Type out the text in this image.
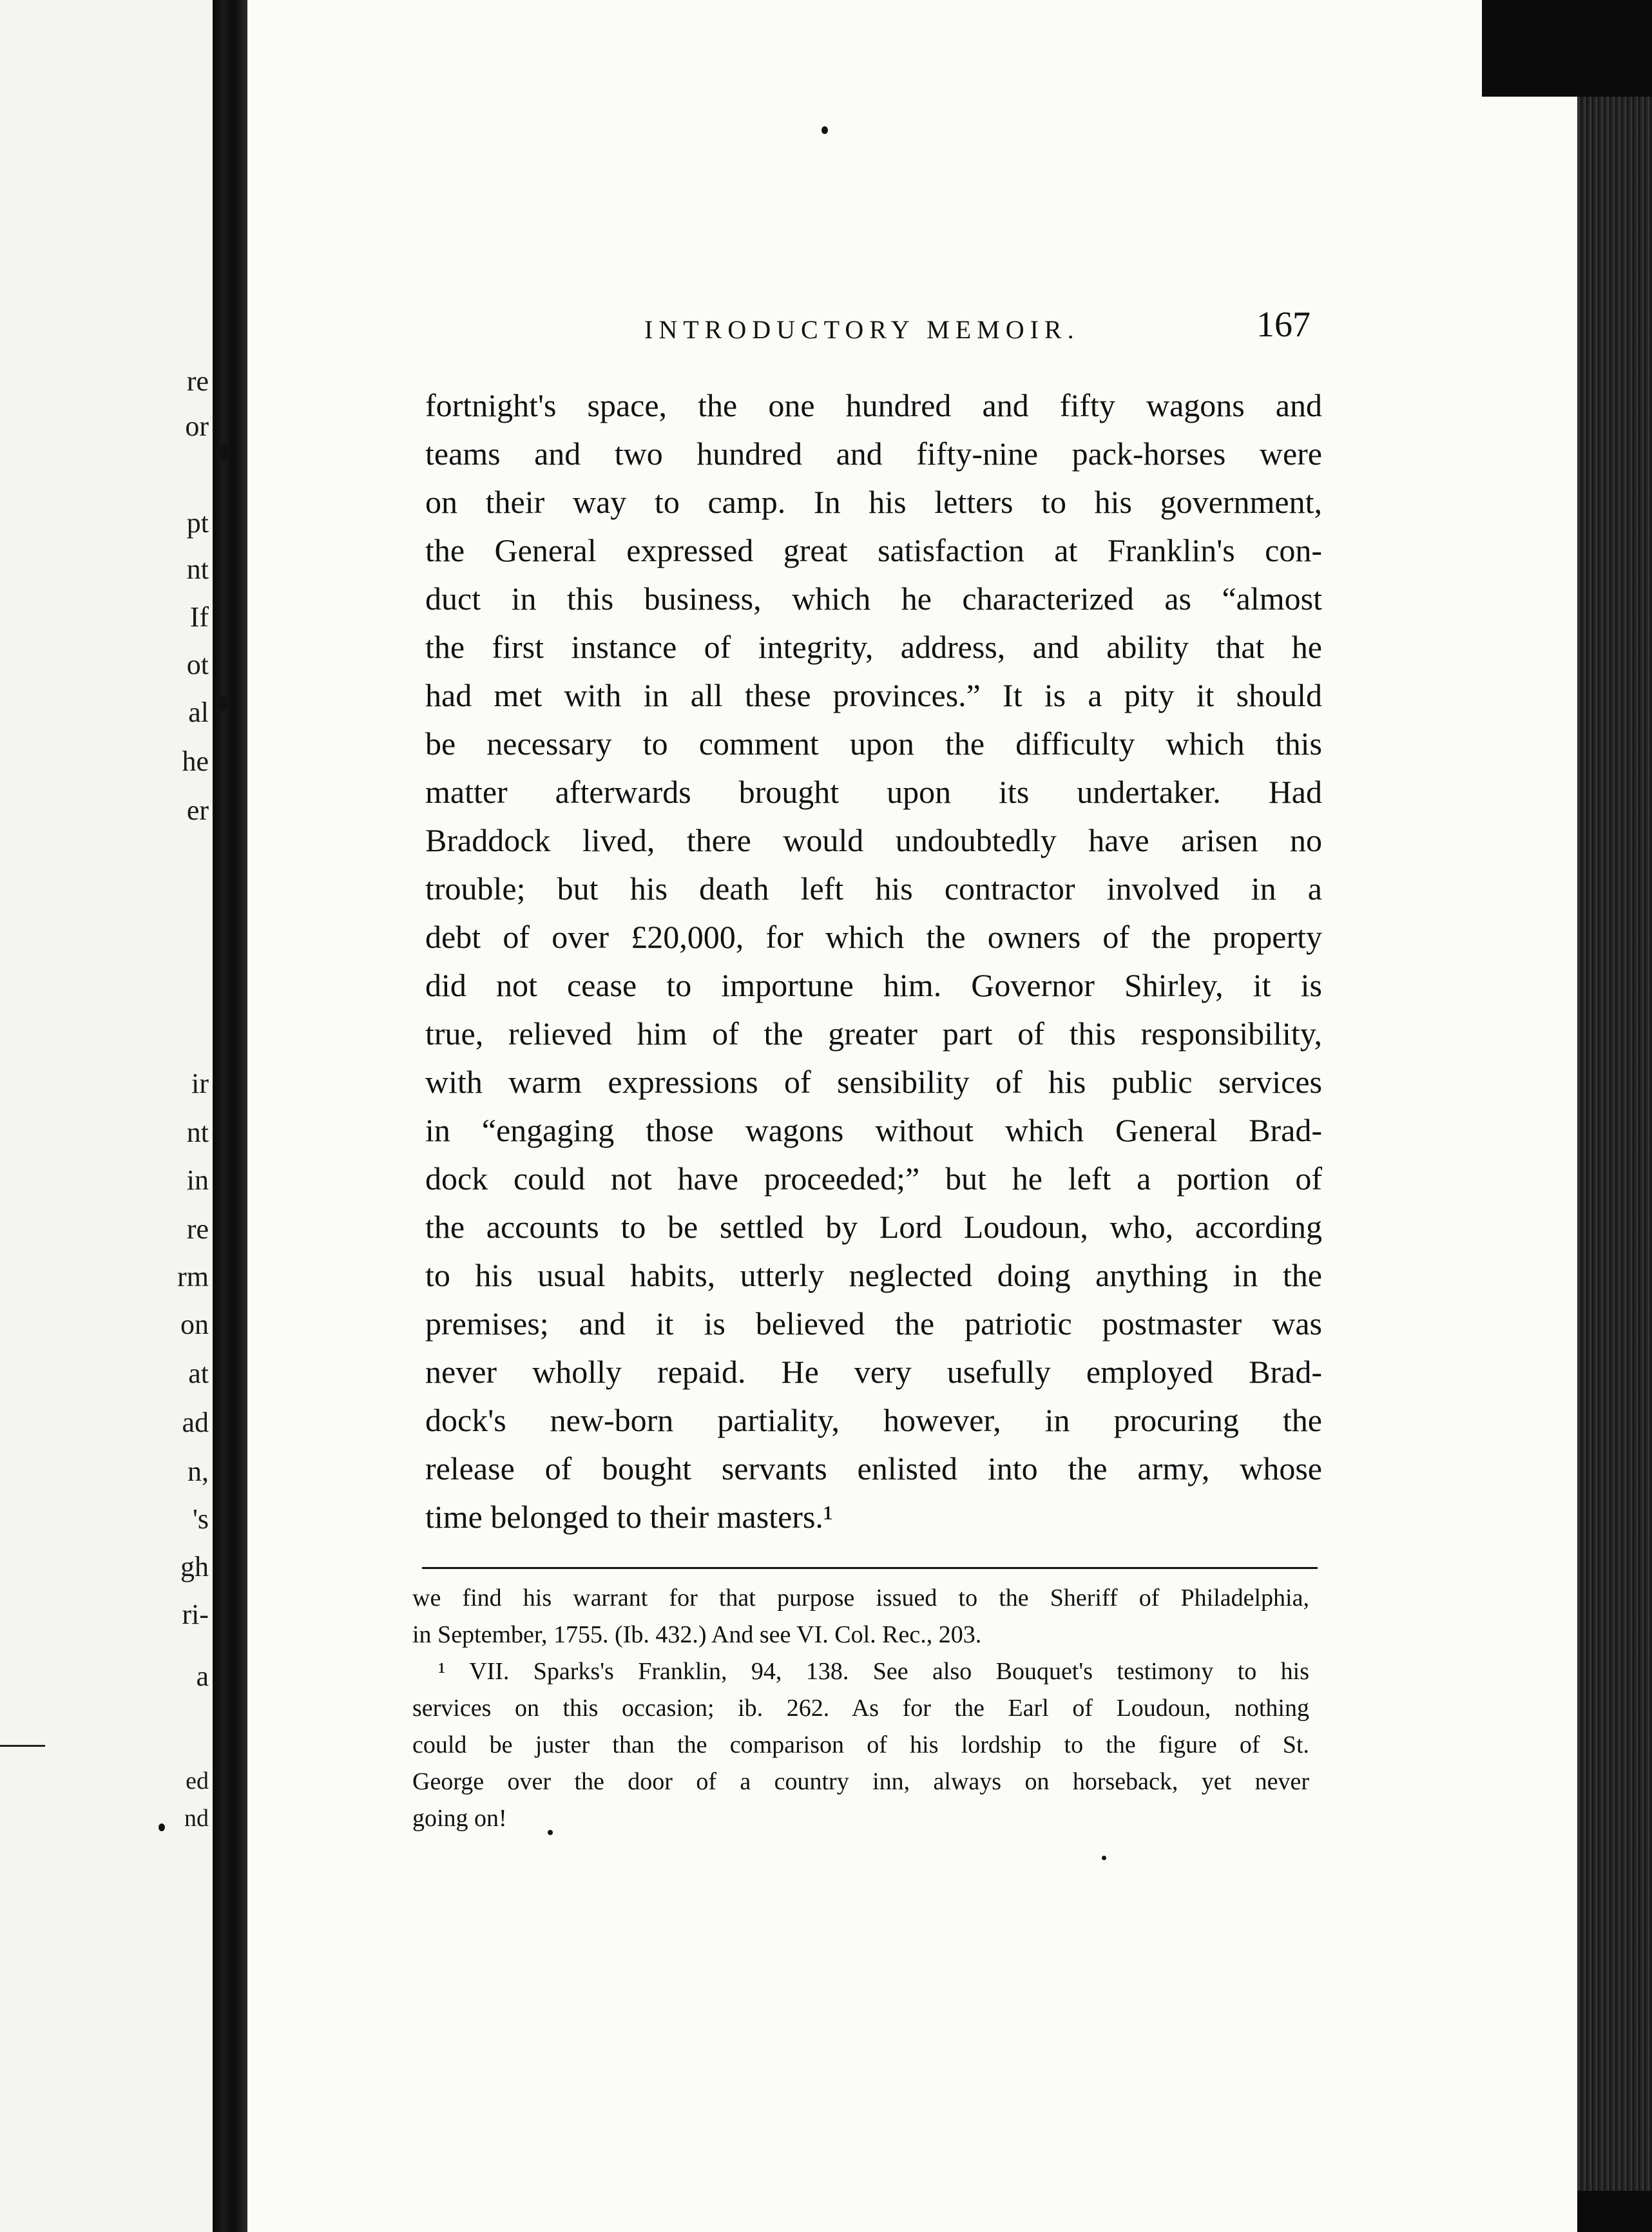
re
or
pt
nt
If
ot
al
he
er
ir
nt
in
re
rm
on
at
ad
n,
's
gh
ri-
a
ed
nd
INTRODUCTORY MEMOIR.	167
fortnight's space, the one hundred and fifty wagons and
teams and two hundred and fifty-nine pack-horses were
on their way to camp. In his letters to his government,
the General expressed great satisfaction at Franklin's con-
duct in this business, which he characterized as “almost
the first instance of integrity, address, and ability that he
had met with in all these provinces.” It is a pity it should
be necessary to comment upon the difficulty which this
matter afterwards brought upon its undertaker. Had
Braddock lived, there would undoubtedly have arisen no
trouble; but his death left his contractor involved in a
debt of over £20,000, for which the owners of the property
did not cease to importune him. Governor Shirley, it is
true, relieved him of the greater part of this responsibility,
with warm expressions of sensibility of his public services
in “engaging those wagons without which General Brad-
dock could not have proceeded;” but he left a portion of
the accounts to be settled by Lord Loudoun, who, according
to his usual habits, utterly neglected doing anything in the
premises; and it is believed the patriotic postmaster was
never wholly repaid. He very usefully employed Brad-
dock's new-born partiality, however, in procuring the
release of bought servants enlisted into the army, whose
time belonged to their masters.¹
we find his warrant for that purpose issued to the Sheriff of Philadelphia,
in September, 1755. (Ib. 432.) And see VI. Col. Rec., 203.
¹ VII. Sparks's Franklin, 94, 138. See also Bouquet's testimony to his
services on this occasion; ib. 262. As for the Earl of Loudoun, nothing
could be juster than the comparison of his lordship to the figure of St.
George over the door of a country inn, always on horseback, yet never
going on!
